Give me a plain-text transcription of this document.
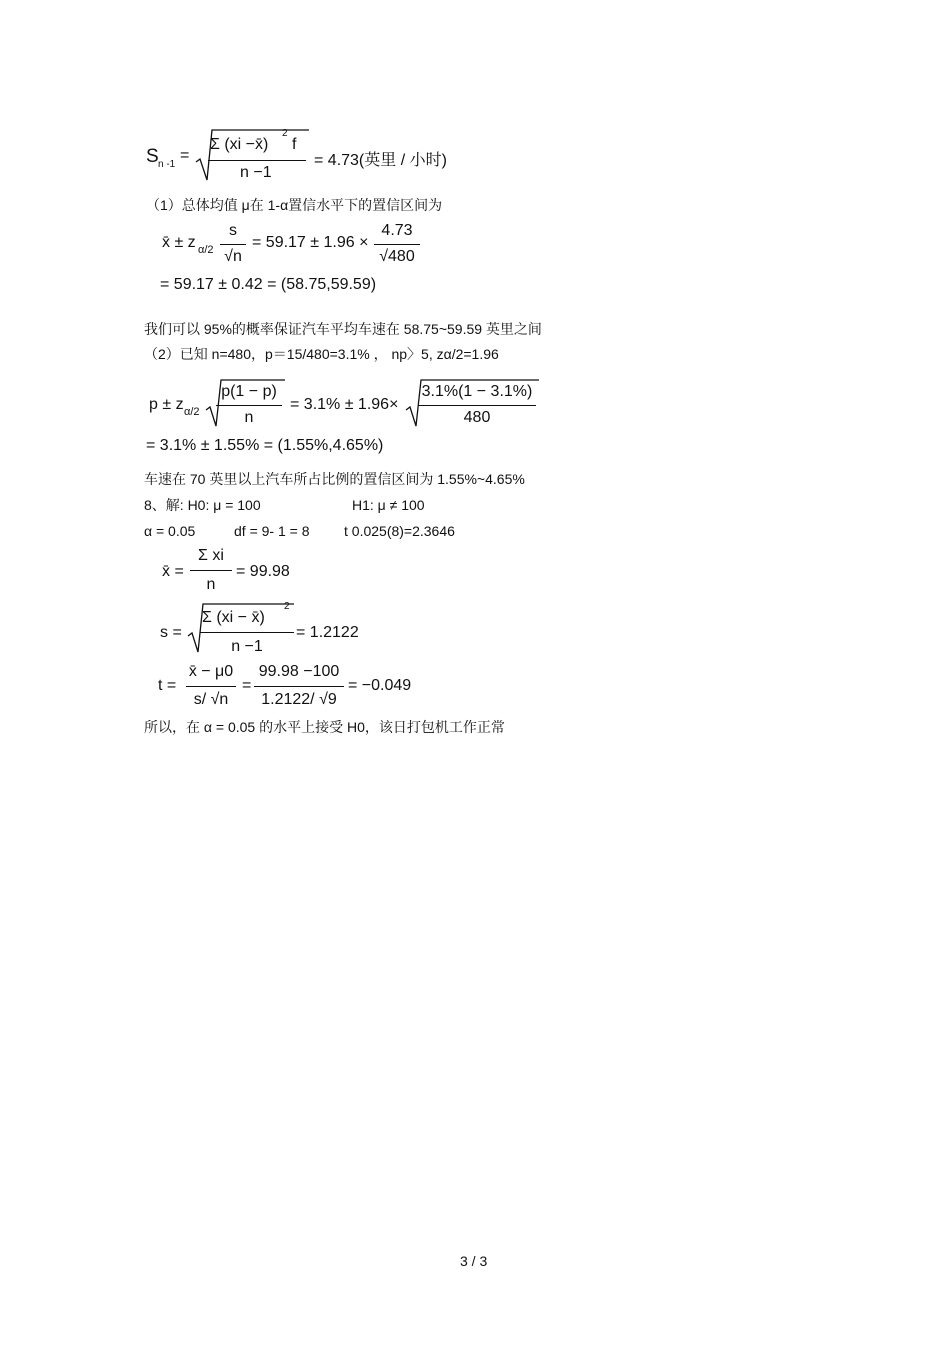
S n -1
=
Σ (xi −x̄)
2
f
n −1
= 4.73(英里 / 小时)
（1）总体均值 μ在 1-α置信水平下的置信区间为
x̄ ± z α/2
s
√n
= 59.17 ± 1.96 ×
4.73
√480
= 59.17 ± 0.42 = (58.75,59.59)
我们可以 95%的概率保证汽车平均车速在 58.75~59.59 英里之间
（2）已知 n=480，p＝15/480=3.1% ， np〉5, zα/2=1.96
p ± z α/2
p(1 − p)
n
= 3.1% ± 1.96×
3.1%(1 − 3.1%)
480
= 3.1% ± 1.55% = (1.55%,4.65%)
车速在 70 英里以上汽车所占比例的置信区间为 1.55%~4.65%
8、解: H0: μ = 100	H1: μ ≠ 100
α = 0.05	df = 9- 1 = 8 t 0.025(8)=2.3646
x̄ =
Σ xi
n
= 99.98
s =
Σ (xi − x̄)
2
n −1
= 1.2122
t =
x̄ − μ0
s/ √n
=
99.98 −100
1.2122/ √9
= −0.049
所以，在 α = 0.05 的水平上接受 H0，该日打包机工作正常
3 / 3
